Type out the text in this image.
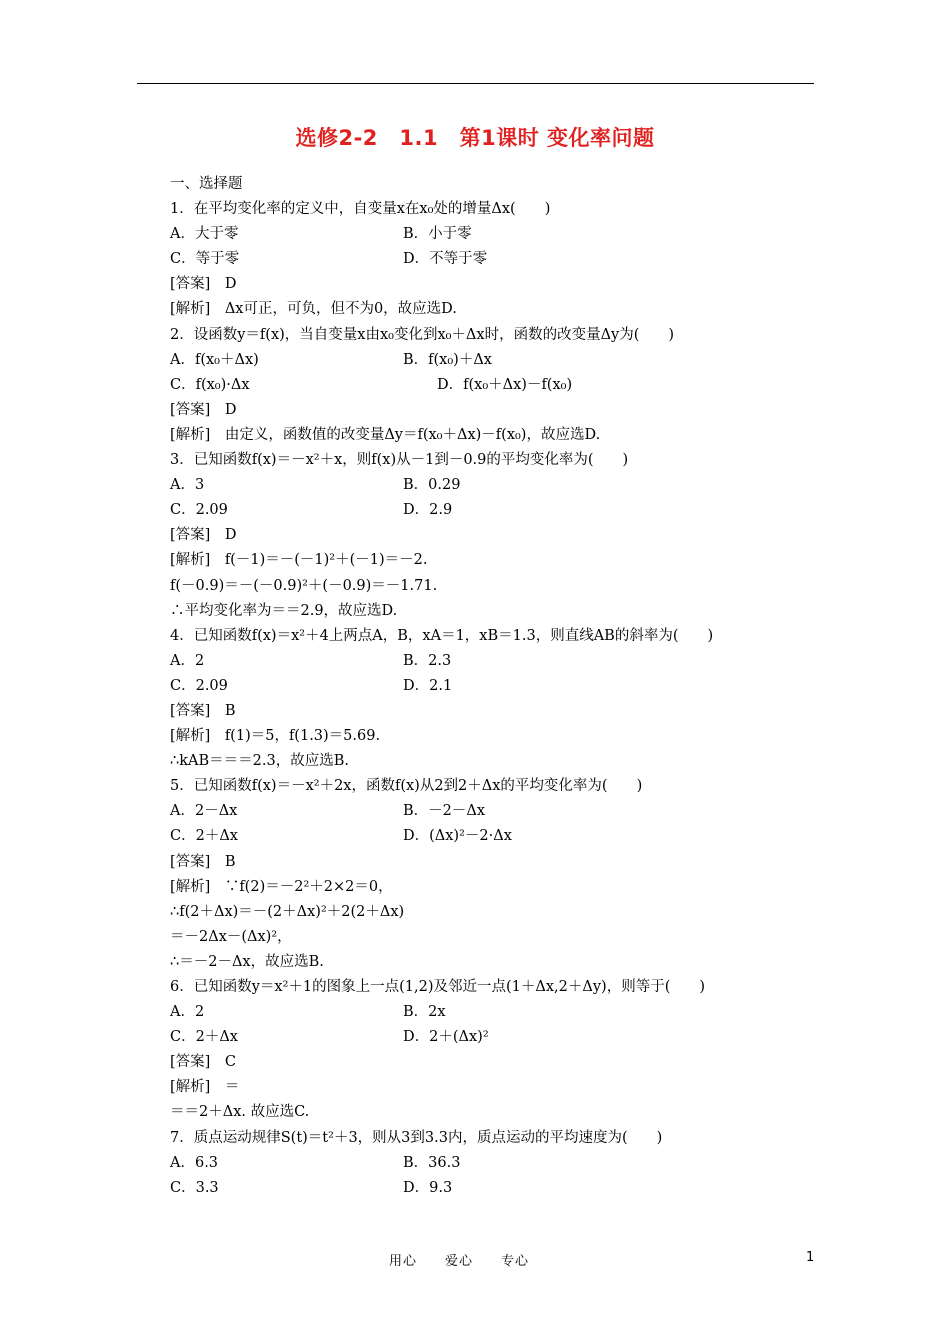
选修2-2　1.1　第1课时 变化率问题
一、选择题
1．在平均变化率的定义中，自变量x在x₀处的增量Δx(　　)
A．大于零	B．小于零
C．等于零	D．不等于零
[答案]　D
[解析]　Δx可正，可负，但不为0，故应选D.
2．设函数y＝f(x)，当自变量x由x₀变化到x₀＋Δx时，函数的改变量Δy为(　　)
A．f(x₀＋Δx)	B．f(x₀)＋Δx
C．f(x₀)·Δx	D．f(x₀＋Δx)－f(x₀)
[答案]　D
[解析]　由定义，函数值的改变量Δy＝f(x₀＋Δx)－f(x₀)，故应选D.
3．已知函数f(x)＝－x²＋x，则f(x)从－1到－0.9的平均变化率为(　　)
A．3	B．0.29
C．2.09	D．2.9
[答案]　D
[解析]　f(－1)＝－(－1)²＋(－1)＝－2.
f(－0.9)＝－(－0.9)²＋(－0.9)＝－1.71.
∴平均变化率为＝＝2.9，故应选D.
4．已知函数f(x)＝x²＋4上两点A，B，xA＝1，xB＝1.3，则直线AB的斜率为(　　)
A．2	B．2.3
C．2.09	D．2.1
[答案]　B
[解析]　f(1)＝5，f(1.3)＝5.69.
∴kAB＝＝＝2.3，故应选B.
5．已知函数f(x)＝－x²＋2x，函数f(x)从2到2＋Δx的平均变化率为(　　)
A．2－Δx	B．－2－Δx
C．2＋Δx	D．(Δx)²－2·Δx
[答案]　B
[解析]　∵f(2)＝－2²＋2×2＝0，
∴f(2＋Δx)＝－(2＋Δx)²＋2(2＋Δx)
＝－2Δx－(Δx)²，
∴＝－2－Δx，故应选B.
6．已知函数y＝x²＋1的图象上一点(1,2)及邻近一点(1＋Δx,2＋Δy)，则等于(　　)
A．2	B．2x
C．2＋Δx	D．2＋(Δx)²
[答案]　C
[解析]　＝
＝＝2＋Δx. 故应选C.
7．质点运动规律S(t)＝t²＋3，则从3到3.3内，质点运动的平均速度为(　　)
A．6.3	B．36.3
C．3.3	D．9.3
用心　　爱心　　专心	1
